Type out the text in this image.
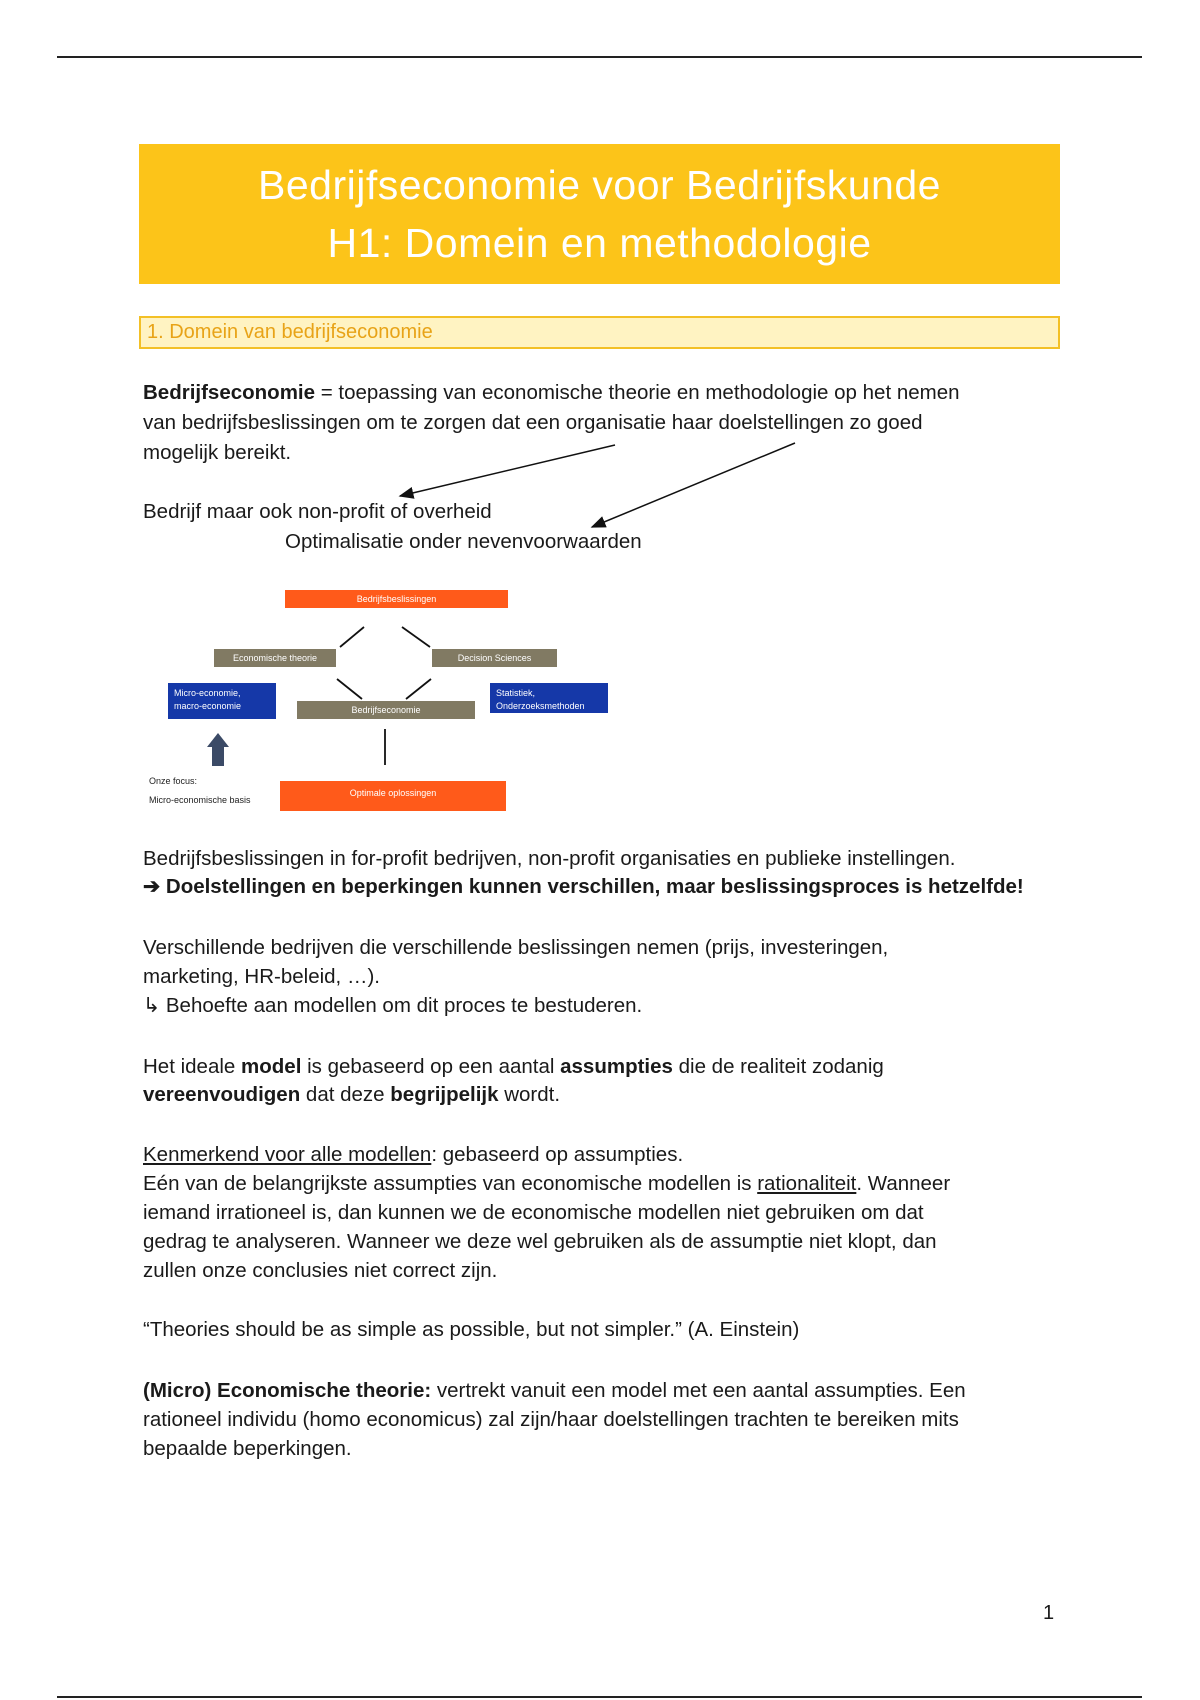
Bedrijfseconomie voor Bedrijfskunde
H1: Domein en methodologie
1. Domein van bedrijfseconomie
Bedrijfseconomie = toepassing van economische theorie en methodologie op het nemen
van bedrijfsbeslissingen om te zorgen dat een organisatie haar doelstellingen zo goed
mogelijk bereikt.
Bedrijf maar ook non-profit of overheid
Optimalisatie onder nevenvoorwaarden
Bedrijfsbeslissingen
Economische theorie	Decision Sciences
Bedrijfseconomie
Micro-economie,
macro-economie
Statistiek,
Onderzoeksmethoden
Optimale oplossingen
Onze focus:
Micro-economische basis
Bedrijfsbeslissingen in for-profit bedrijven, non-profit organisaties en publieke instellingen.
➔ Doelstellingen en beperkingen kunnen verschillen, maar beslissingsproces is hetzelfde!
Verschillende bedrijven die verschillende beslissingen nemen (prijs, investeringen,
marketing, HR-beleid, …).
↳ Behoefte aan modellen om dit proces te bestuderen.
Het ideale model is gebaseerd op een aantal assumpties die de realiteit zodanig
vereenvoudigen dat deze begrijpelijk wordt.
Kenmerkend voor alle modellen: gebaseerd op assumpties.
Eén van de belangrijkste assumpties van economische modellen is rationaliteit. Wanneer
iemand irrationeel is, dan kunnen we de economische modellen niet gebruiken om dat
gedrag te analyseren. Wanneer we deze wel gebruiken als de assumptie niet klopt, dan
zullen onze conclusies niet correct zijn.
“Theories should be as simple as possible, but not simpler.” (A. Einstein)
(Micro) Economische theorie: vertrekt vanuit een model met een aantal assumpties. Een
rationeel individu (homo economicus) zal zijn/haar doelstellingen trachten te bereiken mits
bepaalde beperkingen.
1
